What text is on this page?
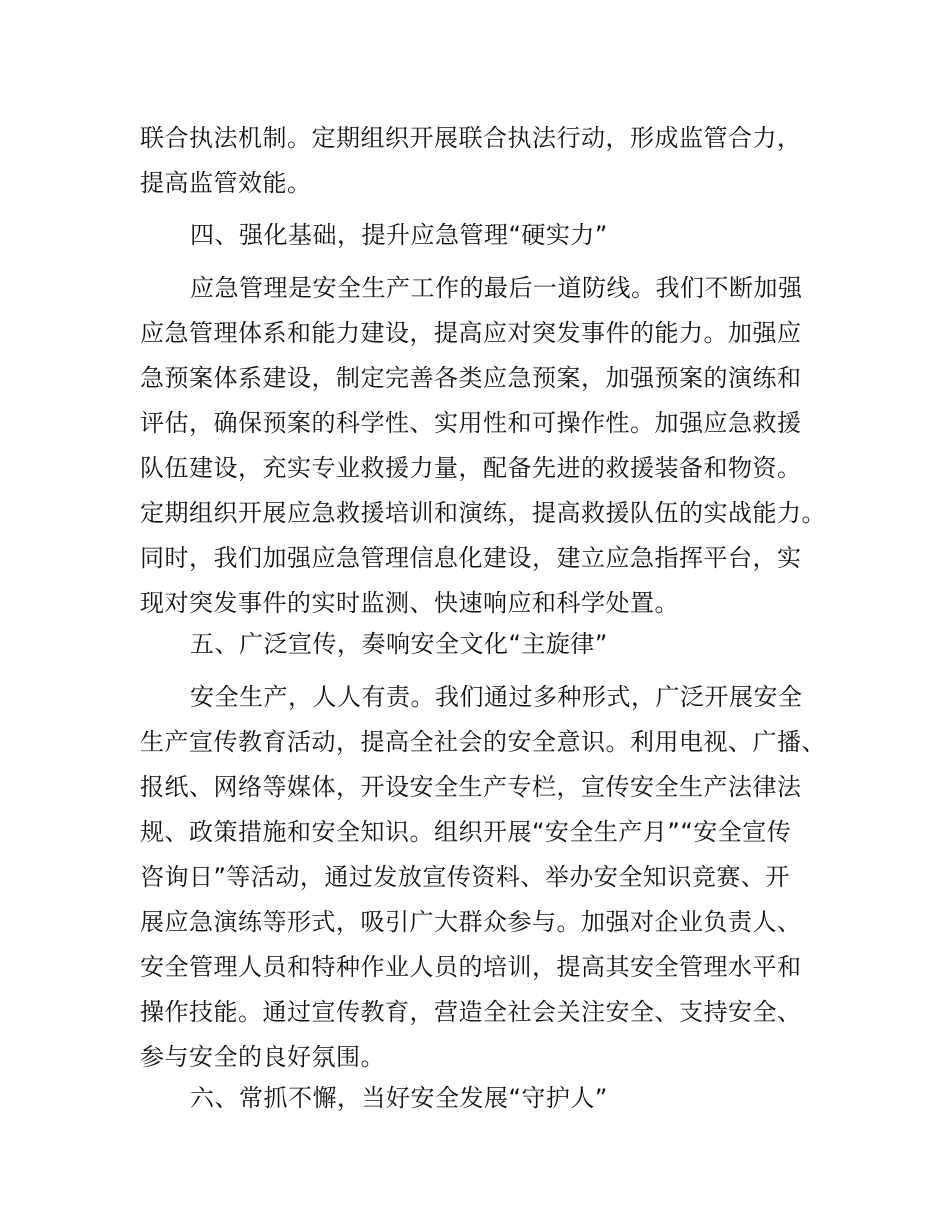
联合执法机制。定期组织开展联合执法行动，形成监管合力，
提高监管效能。
四、强化基础，提升应急管理“硬实力”
应急管理是安全生产工作的最后一道防线。我们不断加强
应急管理体系和能力建设，提高应对突发事件的能力。加强应
急预案体系建设，制定完善各类应急预案，加强预案的演练和
评估，确保预案的科学性、实用性和可操作性。加强应急救援
队伍建设，充实专业救援力量，配备先进的救援装备和物资。
定期组织开展应急救援培训和演练，提高救援队伍的实战能力。
同时，我们加强应急管理信息化建设，建立应急指挥平台，实
现对突发事件的实时监测、快速响应和科学处置。
五、广泛宣传，奏响安全文化“主旋律”
安全生产，人人有责。我们通过多种形式，广泛开展安全
生产宣传教育活动，提高全社会的安全意识。利用电视、广播、
报纸、网络等媒体，开设安全生产专栏，宣传安全生产法律法
规、政策措施和安全知识。组织开展“安全生产月”“安全宣传
咨询日”等活动，通过发放宣传资料、举办安全知识竞赛、开
展应急演练等形式，吸引广大群众参与。加强对企业负责人、
安全管理人员和特种作业人员的培训，提高其安全管理水平和
操作技能。通过宣传教育，营造全社会关注安全、支持安全、
参与安全的良好氛围。
六、常抓不懈，当好安全发展“守护人”
